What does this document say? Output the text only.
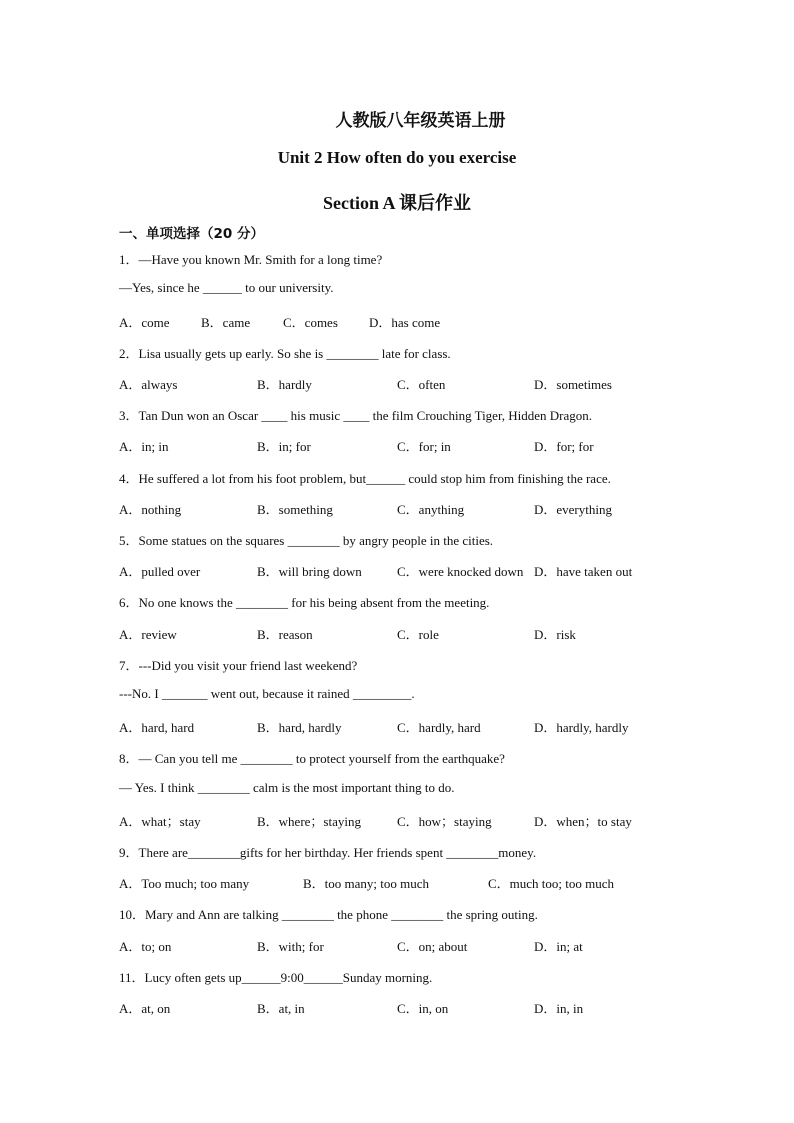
人教版八年级英语上册
Unit 2 How often do you exercise
Section A 课后作业
一、单项选择（20 分）
1．—Have you known Mr. Smith for a long time?
—Yes, since he ______ to our university.
A．come B．came	C．comes D．has come
2．Lisa usually gets up early. So she is ________ late for class.
A．always	B．hardly	C．often	D．sometimes
3．Tan Dun won an Oscar ____ his music ____ the film Crouching Tiger, Hidden Dragon.
A．in; in	B．in; for	C．for; in	D．for; for
4．He suffered a lot from his foot problem, but______ could stop him from finishing the race.
A．nothing	B．something	C．anything	D．everything
5．Some statues on the squares ________ by angry people in the cities.
A．pulled over	B．will bring down	C．were knocked down D．have taken out
6．No one knows the ________ for his being absent from the meeting.
A．review	B．reason	C．role	D．risk
7．---Did you visit your friend last weekend?
---No. I _______ went out, because it rained _________.
A．hard, hard	B．hard, hardly	C．hardly, hard	D．hardly, hardly
8．— Can you tell me ________ to protect yourself from the earthquake?
— Yes. I think ________ calm is the most important thing to do.
A．what；stay	B．where；staying	C．how；staying	D．when；to stay
9．There are________gifts for her birthday. Her friends spent ________money.
A．Too much; too many	B．too many; too much	C．much too; too much
10．Mary and Ann are talking ________ the phone ________ the spring outing.
A．to; on	B．with; for	C．on; about	D．in; at
11．Lucy often gets up______9:00______Sunday morning.
A．at, on	B．at, in	C．in, on	D．in, in
